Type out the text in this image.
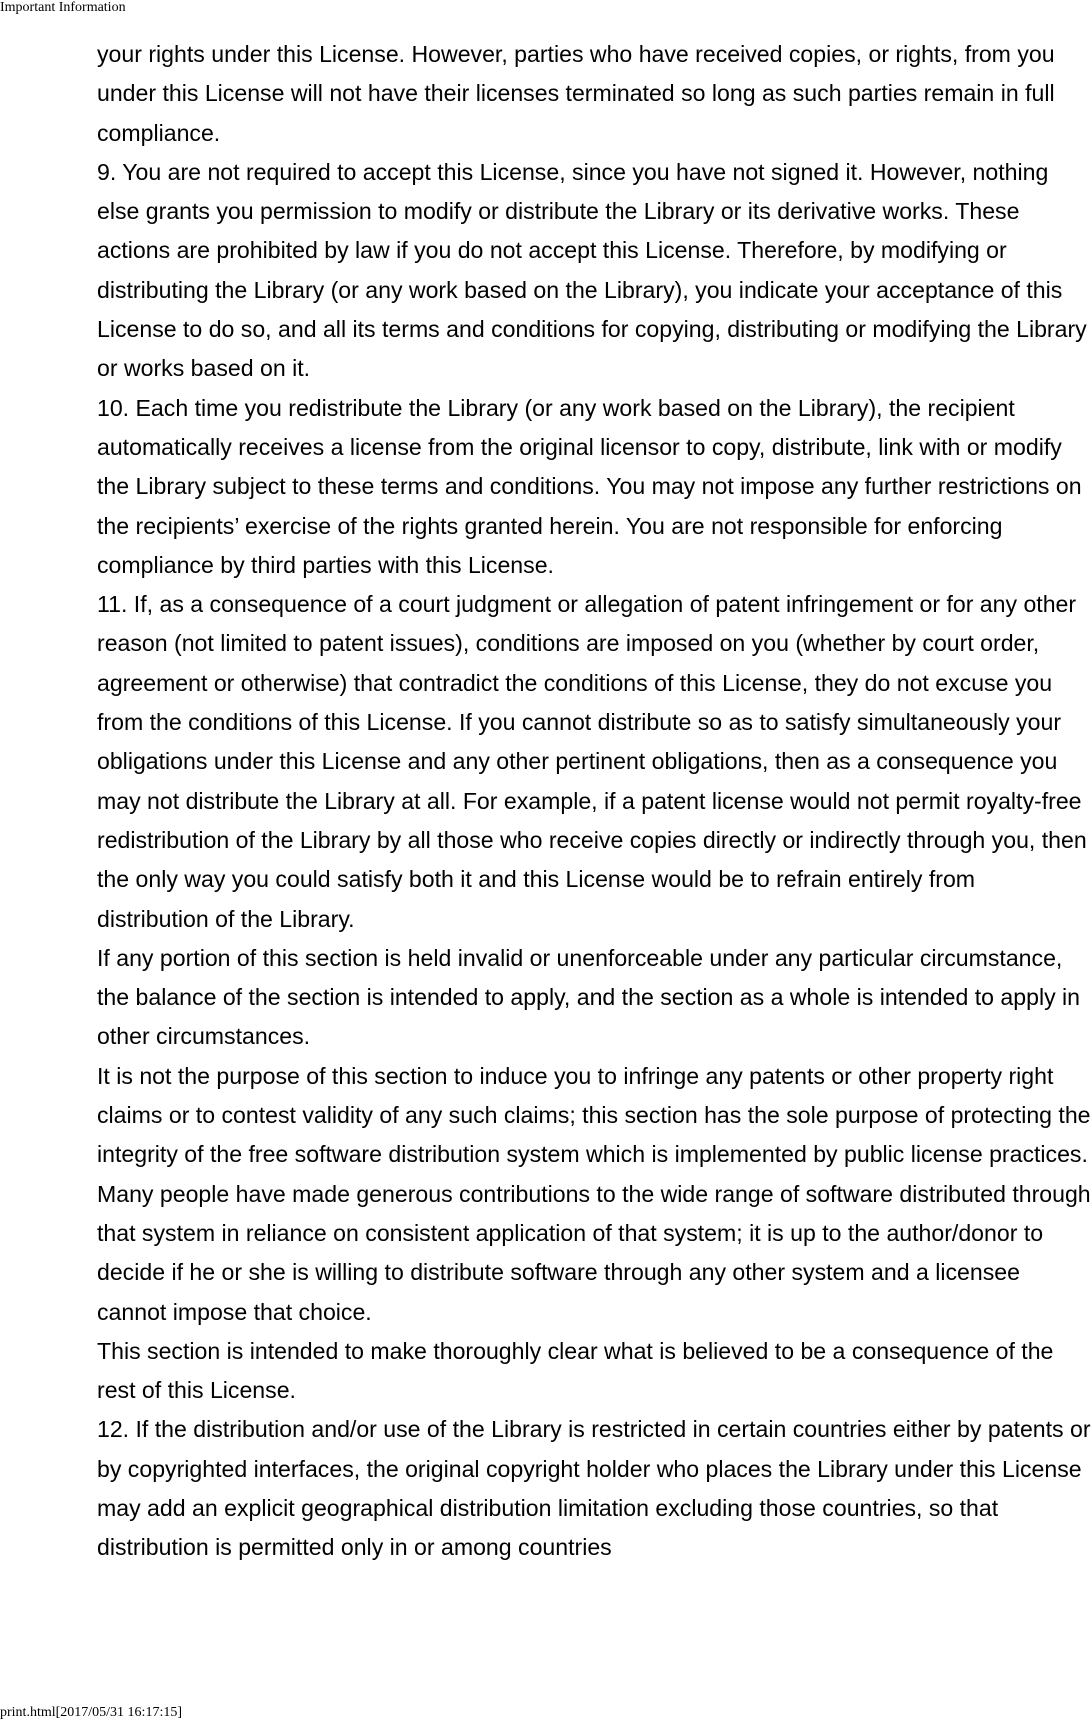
Important Information

your rights under this License. However, parties who have received copies, or rights, from you under this License will not have their licenses terminated so long as such parties remain in full compliance.

9. You are not required to accept this License, since you have not signed it. However, nothing else grants you permission to modify or distribute the Library or its derivative works. These actions are prohibited by law if you do not accept this License. Therefore, by modifying or distributing the Library (or any work based on the Library), you indicate your acceptance of this License to do so, and all its terms and conditions for copying, distributing or modifying the Library or works based on it.

10. Each time you redistribute the Library (or any work based on the Library), the recipient automatically receives a license from the original licensor to copy, distribute, link with or modify the Library subject to these terms and conditions. You may not impose any further restrictions on the recipients’ exercise of the rights granted herein. You are not responsible for enforcing compliance by third parties with this License.

11. If, as a consequence of a court judgment or allegation of patent infringement or for any other reason (not limited to patent issues), conditions are imposed on you (whether by court order, agreement or otherwise) that contradict the conditions of this License, they do not excuse you from the conditions of this License. If you cannot distribute so as to satisfy simultaneously your obligations under this License and any other pertinent obligations, then as a consequence you may not distribute the Library at all. For example, if a patent license would not permit royalty-free redistribution of the Library by all those who receive copies directly or indirectly through you, then the only way you could satisfy both it and this License would be to refrain entirely from distribution of the Library.

If any portion of this section is held invalid or unenforceable under any particular circumstance, the balance of the section is intended to apply, and the section as a whole is intended to apply in other circumstances.

It is not the purpose of this section to induce you to infringe any patents or other property right claims or to contest validity of any such claims; this section has the sole purpose of protecting the integrity of the free software distribution system which is implemented by public license practices. Many people have made generous contributions to the wide range of software distributed through that system in reliance on consistent application of that system; it is up to the author/donor to decide if he or she is willing to distribute software through any other system and a licensee cannot impose that choice.

This section is intended to make thoroughly clear what is believed to be a consequence of the rest of this License.

12. If the distribution and/or use of the Library is restricted in certain countries either by patents or by copyrighted interfaces, the original copyright holder who places the Library under this License may add an explicit geographical distribution limitation excluding those countries, so that distribution is permitted only in or among countries

print.html[2017/05/31 16:17:15]
